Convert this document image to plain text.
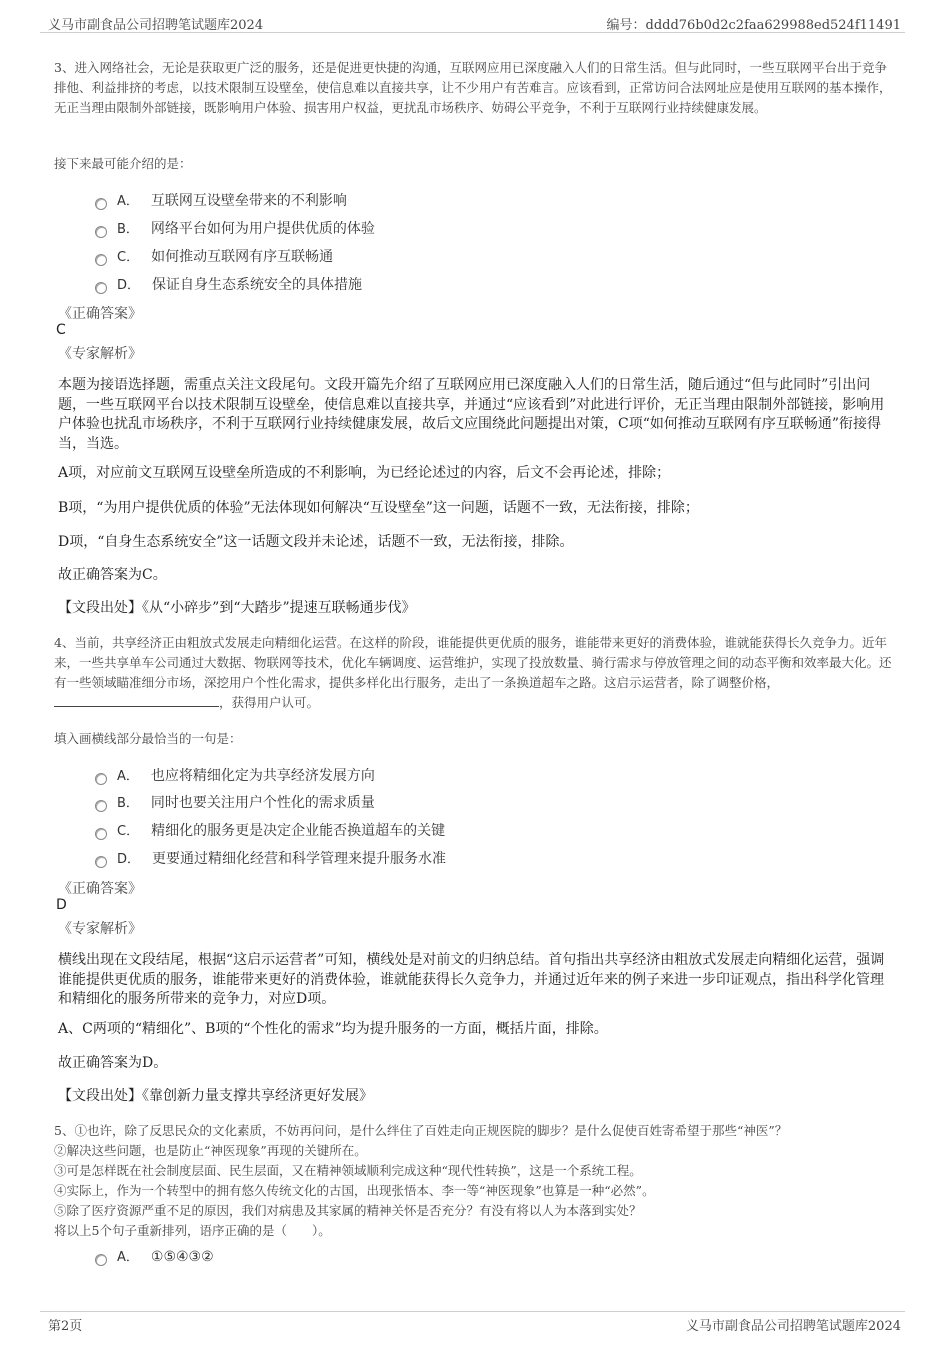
义马市副食品公司招聘笔试题库2024	编号：dddd76b0d2c2faa629988ed524f11491
3、进入网络社会，无论是获取更广泛的服务，还是促进更快捷的沟通，互联网应用已深度融入人们的日常生活。但与此同时，一些互联网平台出于竞争排他、利益排挤的考虑，以技术限制互设壁垒，使信息难以直接共享，让不少用户有苦难言。应该看到，正常访问合法网址应是使用互联网的基本操作，无正当理由限制外部链接，既影响用户体验、损害用户权益，更扰乱市场秩序、妨碍公平竞争，不利于互联网行业持续健康发展。
接下来最可能介绍的是：
A． 互联网互设壁垒带来的不利影响
B． 网络平台如何为用户提供优质的体验
C． 如何推动互联网有序互联畅通
D． 保证自身生态系统安全的具体措施
《正确答案》
C
《专家解析》
本题为接语选择题，需重点关注文段尾句。文段开篇先介绍了互联网应用已深度融入人们的日常生活，随后通过“但与此同时”引出问题，一些互联网平台以技术限制互设壁垒，使信息难以直接共享，并通过“应该看到”对此进行评价，无正当理由限制外部链接，影响用户体验也扰乱市场秩序，不利于互联网行业持续健康发展，故后文应围绕此问题提出对策，C项“如何推动互联网有序互联畅通”衔接得当，当选。
A项，对应前文互联网互设壁垒所造成的不利影响，为已经论述过的内容，后文不会再论述，排除；
B项，“为用户提供优质的体验”无法体现如何解决“互设壁垒”这一问题，话题不一致，无法衔接，排除；
D项，“自身生态系统安全”这一话题文段并未论述，话题不一致，无法衔接，排除。
故正确答案为C。
【文段出处】《从“小碎步”到“大踏步”提速互联畅通步伐》
4、当前，共享经济正由粗放式发展走向精细化运营。在这样的阶段，谁能提供更优质的服务，谁能带来更好的消费体验，谁就能获得长久竞争力。近年来，一些共享单车公司通过大数据、物联网等技术，优化车辆调度、运营维护，实现了投放数量、骑行需求与停放管理之间的动态平衡和效率最大化。还有一些领域瞄准细分市场，深挖用户个性化需求，提供多样化出行服务，走出了一条换道超车之路。这启示运营者，除了调整价格，，获得用户认可。
填入画横线部分最恰当的一句是：
A． 也应将精细化定为共享经济发展方向
B． 同时也要关注用户个性化的需求质量
C． 精细化的服务更是决定企业能否换道超车的关键
D． 更要通过精细化经营和科学管理来提升服务水准
《正确答案》
D
《专家解析》
横线出现在文段结尾，根据“这启示运营者”可知，横线处是对前文的归纳总结。首句指出共享经济由粗放式发展走向精细化运营，强调谁能提供更优质的服务，谁能带来更好的消费体验，谁就能获得长久竞争力，并通过近年来的例子来进一步印证观点，指出科学化管理和精细化的服务所带来的竞争力，对应D项。
A、C两项的“精细化”、B项的“个性化的需求”均为提升服务的一方面，概括片面，排除。
故正确答案为D。
【文段出处】《靠创新力量支撑共享经济更好发展》
5、①也许，除了反思民众的文化素质，不妨再问问，是什么绊住了百姓走向正规医院的脚步？是什么促使百姓寄希望于那些“神医”？
②解决这些问题，也是防止“神医现象”再现的关键所在。
③可是怎样既在社会制度层面、民生层面，又在精神领域顺利完成这种“现代性转换”，这是一个系统工程。
④实际上，作为一个转型中的拥有悠久传统文化的古国，出现张悟本、李一等“神医现象”也算是一种“必然”。
⑤除了医疗资源严重不足的原因，我们对病患及其家属的精神关怀是否充分？有没有将以人为本落到实处？
将以上5个句子重新排列，语序正确的是（　　）。
A． ①⑤④③②
第2页	义马市副食品公司招聘笔试题库2024
